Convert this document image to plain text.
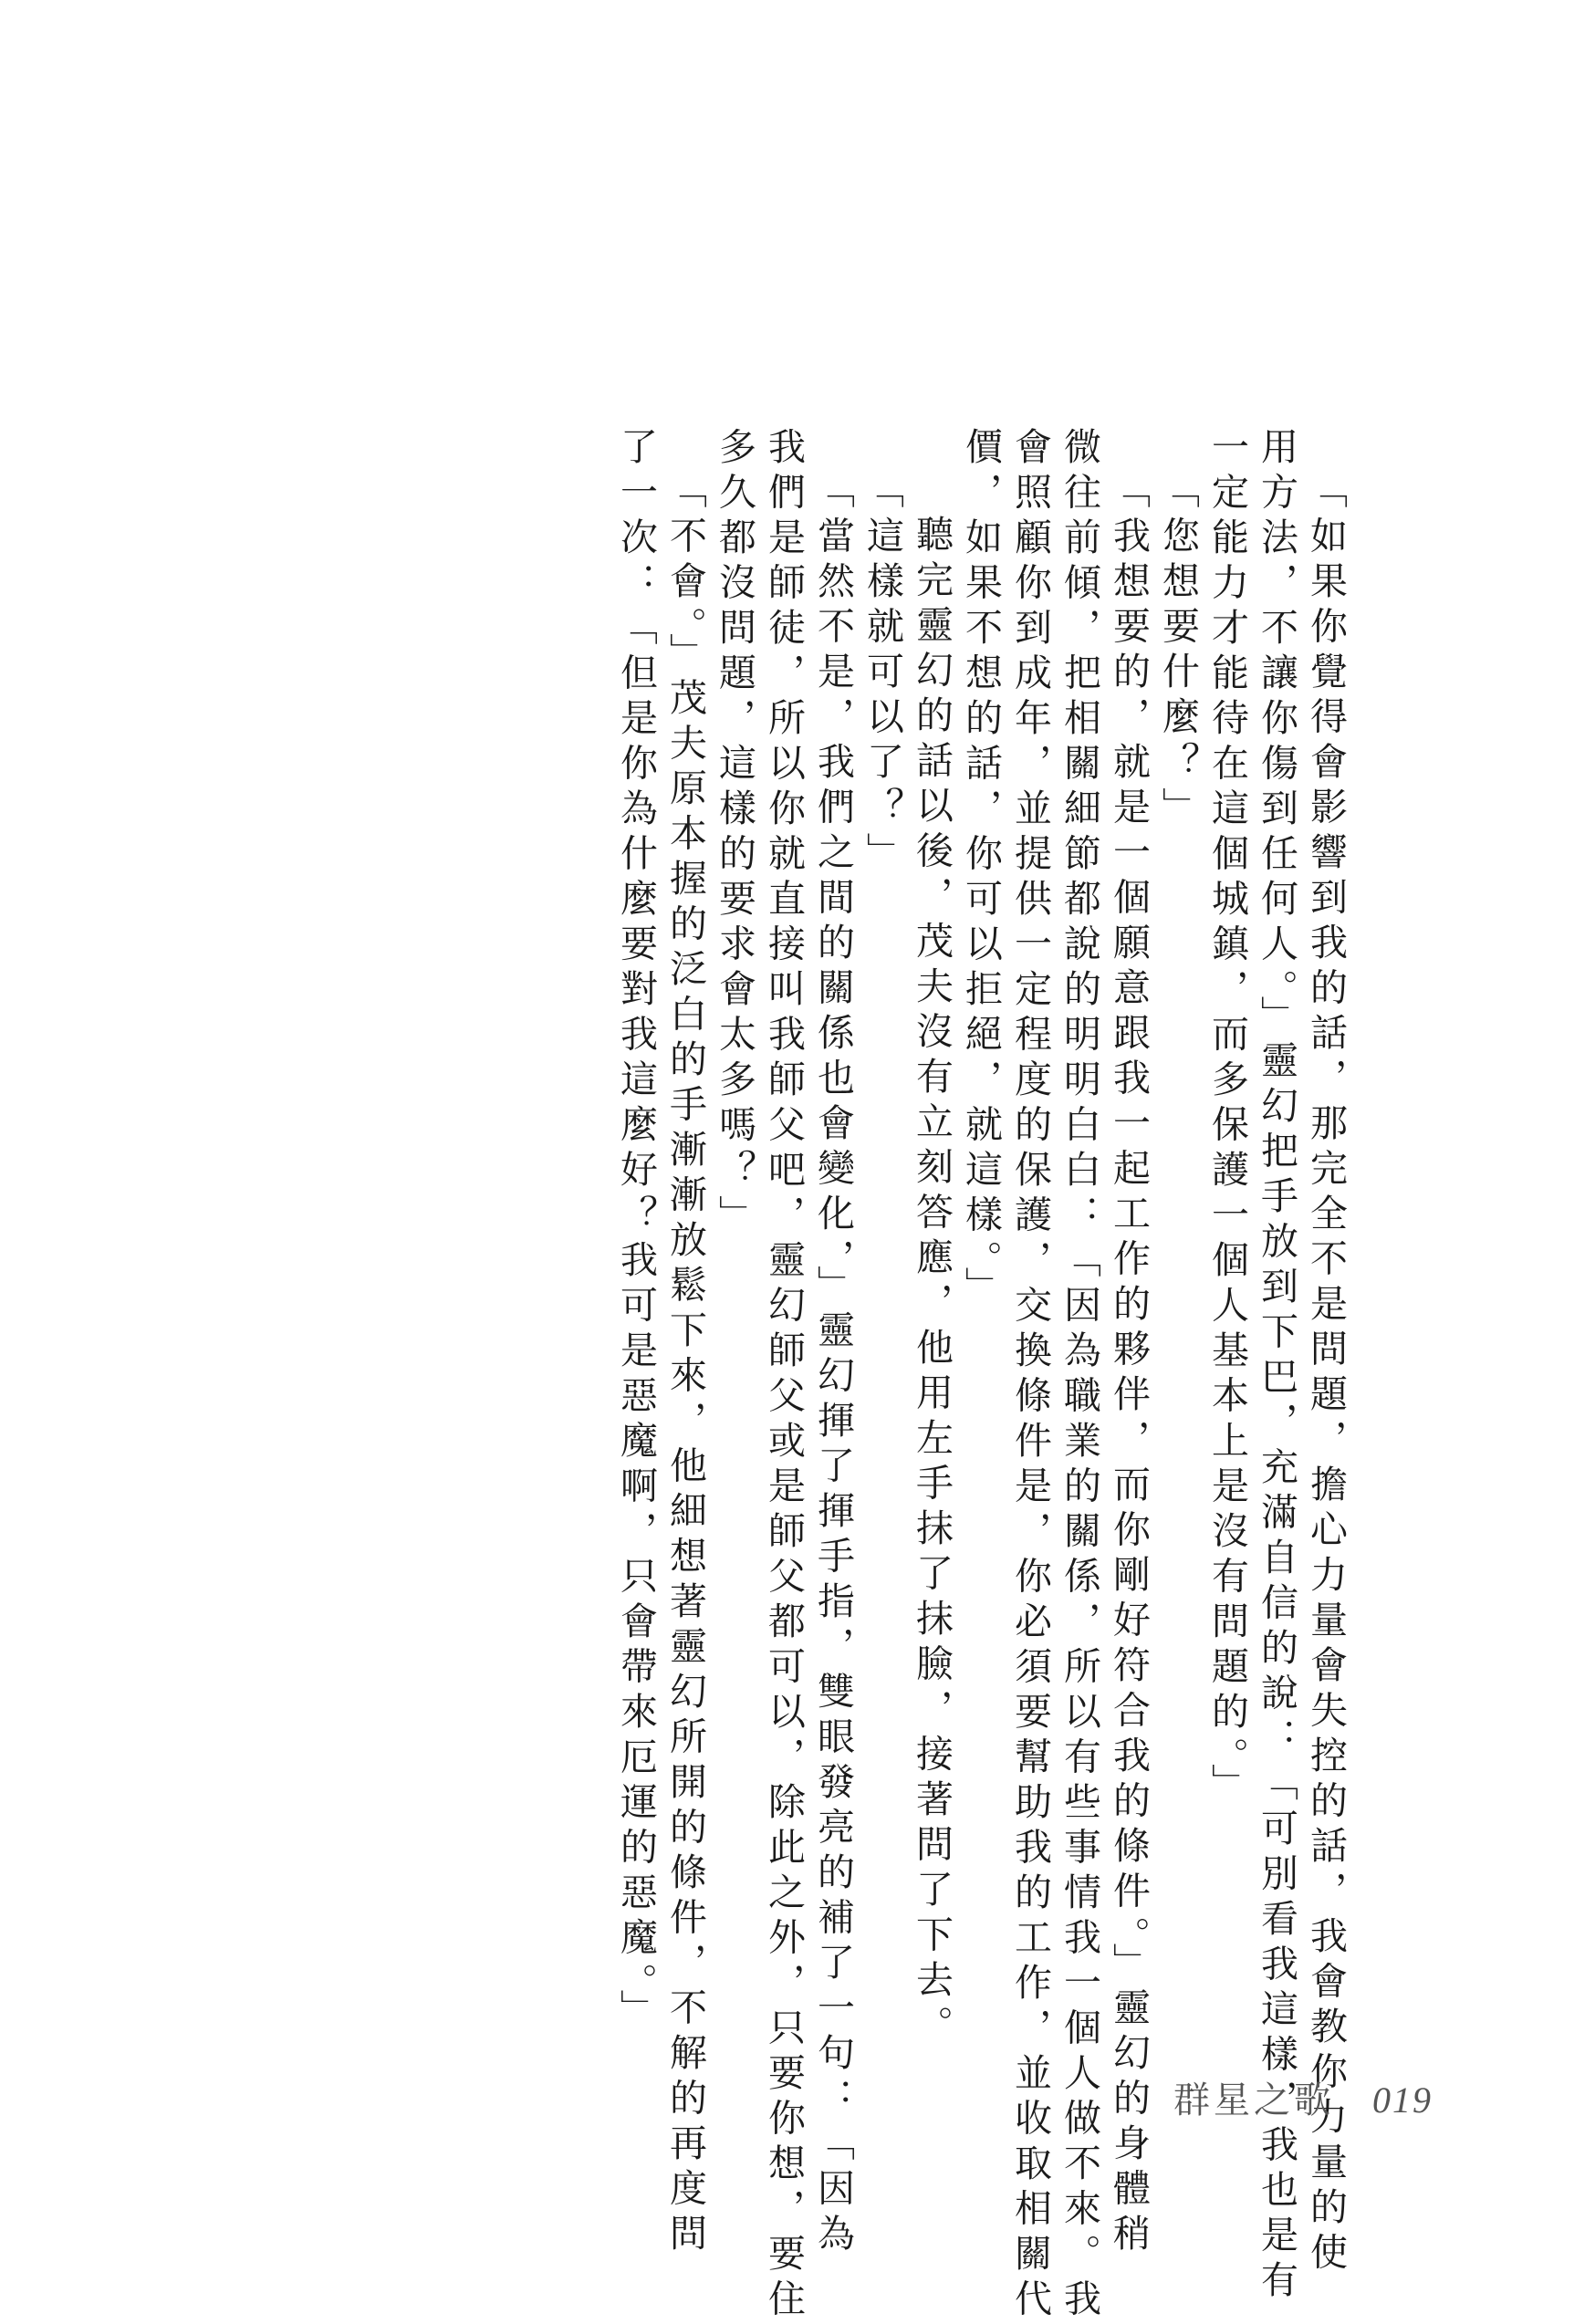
「如果你覺得會影響到我的話，那完全不是問題，擔心力量會失控的話，我會教你力量的使
用方法，不讓你傷到任何人。」靈幻把手放到下巴，充滿自信的說：「可別看我這樣，我也是有
一定能力才能待在這個城鎮，而多保護一個人基本上是沒有問題的。」
「您想要什麼？」
「我想要的，就是一個願意跟我一起工作的夥伴，而你剛好符合我的條件。」靈幻的身體稍
微往前傾，把相關細節都說的明明白白：「因為職業的關係，所以有些事情我一個人做不來。我
會照顧你到成年，並提供一定程度的保護，交換條件是，你必須要幫助我的工作，並收取相關代
價，如果不想的話，你可以拒絕，就這樣。」
聽完靈幻的話以後，茂夫沒有立刻答應，他用左手抹了抹臉，接著問了下去。
「這樣就可以了？」
「當然不是，我們之間的關係也會變化，」靈幻揮了揮手指，雙眼發亮的補了一句：「因為
我們是師徒，所以你就直接叫我師父吧，靈幻師父或是師父都可以，除此之外，只要你想，要住
多久都沒問題，這樣的要求會太多嗎？」
「不會。」茂夫原本握的泛白的手漸漸放鬆下來，他細想著靈幻所開的條件，不解的再度問
了一次：「但是你為什麼要對我這麼好？我可是惡魔啊，只會帶來厄運的惡魔。」
群星之歌 019
